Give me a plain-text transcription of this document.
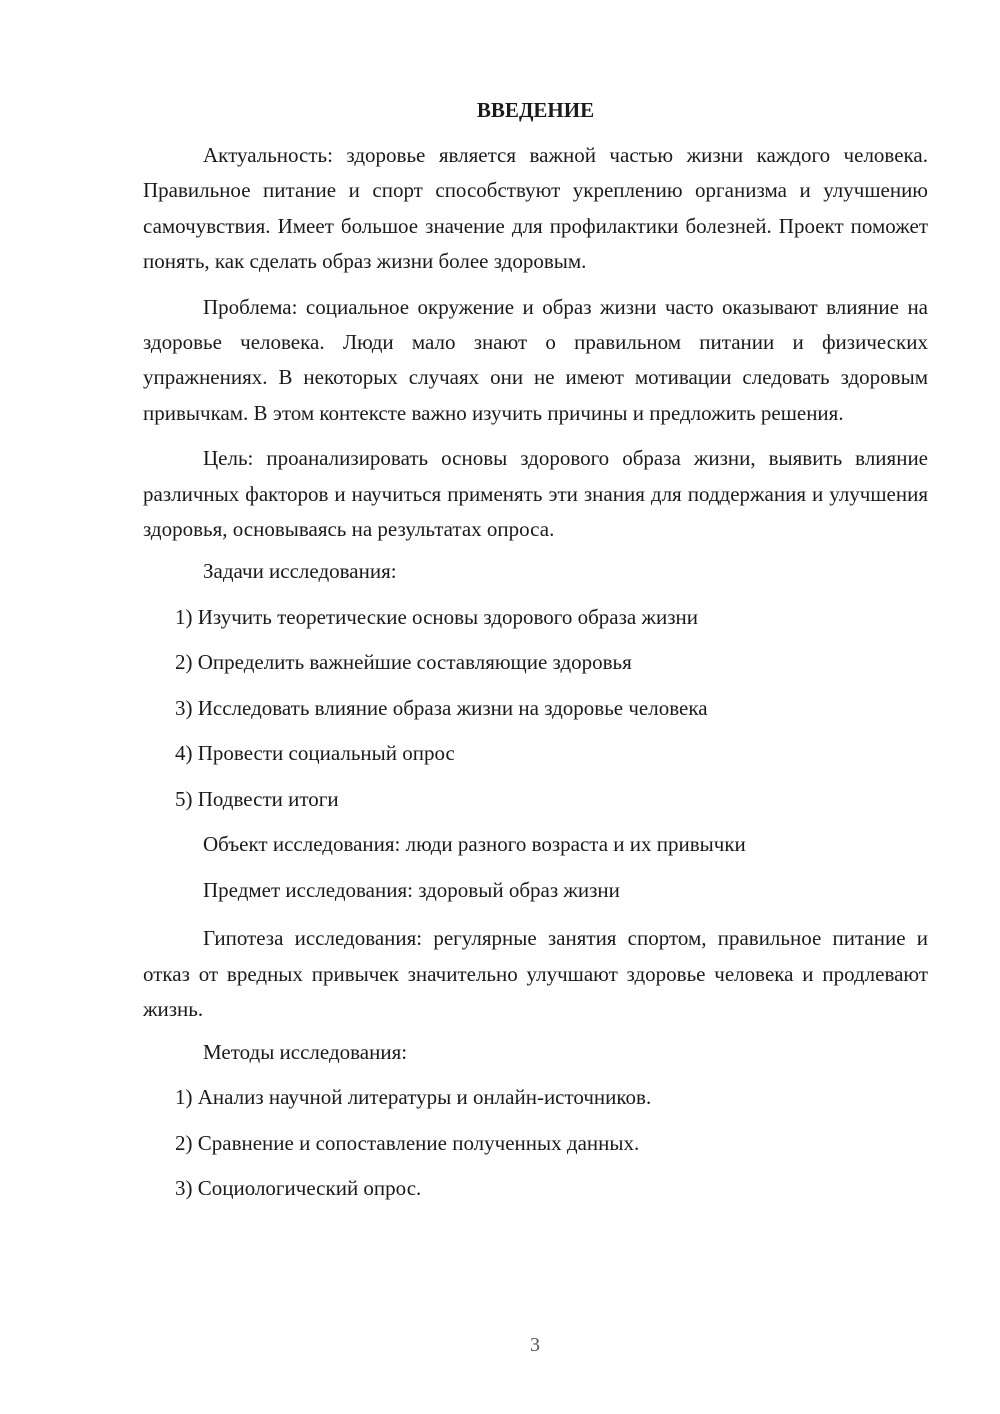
ВВЕДЕНИЕ

Актуальность: здоровье является важной частью жизни каждого человека. Правильное питание и спорт способствуют укреплению организма и улучшению самочувствия. Имеет большое значение для профилактики болезней. Проект поможет понять, как сделать образ жизни более здоровым.

Проблема: социальное окружение и образ жизни часто оказывают влияние на здоровье человека. Люди мало знают о правильном питании и физических упражнениях. В некоторых случаях они не имеют мотивации следовать здоровым привычкам. В этом контексте важно изучить причины и предложить решения.

Цель: проанализировать основы здорового образа жизни, выявить влияние различных факторов и научиться применять эти знания для поддержания и улучшения здоровья, основываясь на результатах опроса.

Задачи исследования:
1) Изучить теоретические основы здорового образа жизни
2) Определить важнейшие составляющие здоровья
3) Исследовать влияние образа жизни на здоровье человека
4) Провести социальный опрос
5) Подвести итоги
Объект исследования: люди разного возраста и их привычки
Предмет исследования: здоровый образ жизни

Гипотеза исследования: регулярные занятия спортом, правильное питание и отказ от вредных привычек значительно улучшают здоровье человека и продлевают жизнь.

Методы исследования:
1) Анализ научной литературы и онлайн-источников.
2) Сравнение и сопоставление полученных данных.
3) Социологический опрос.
3
